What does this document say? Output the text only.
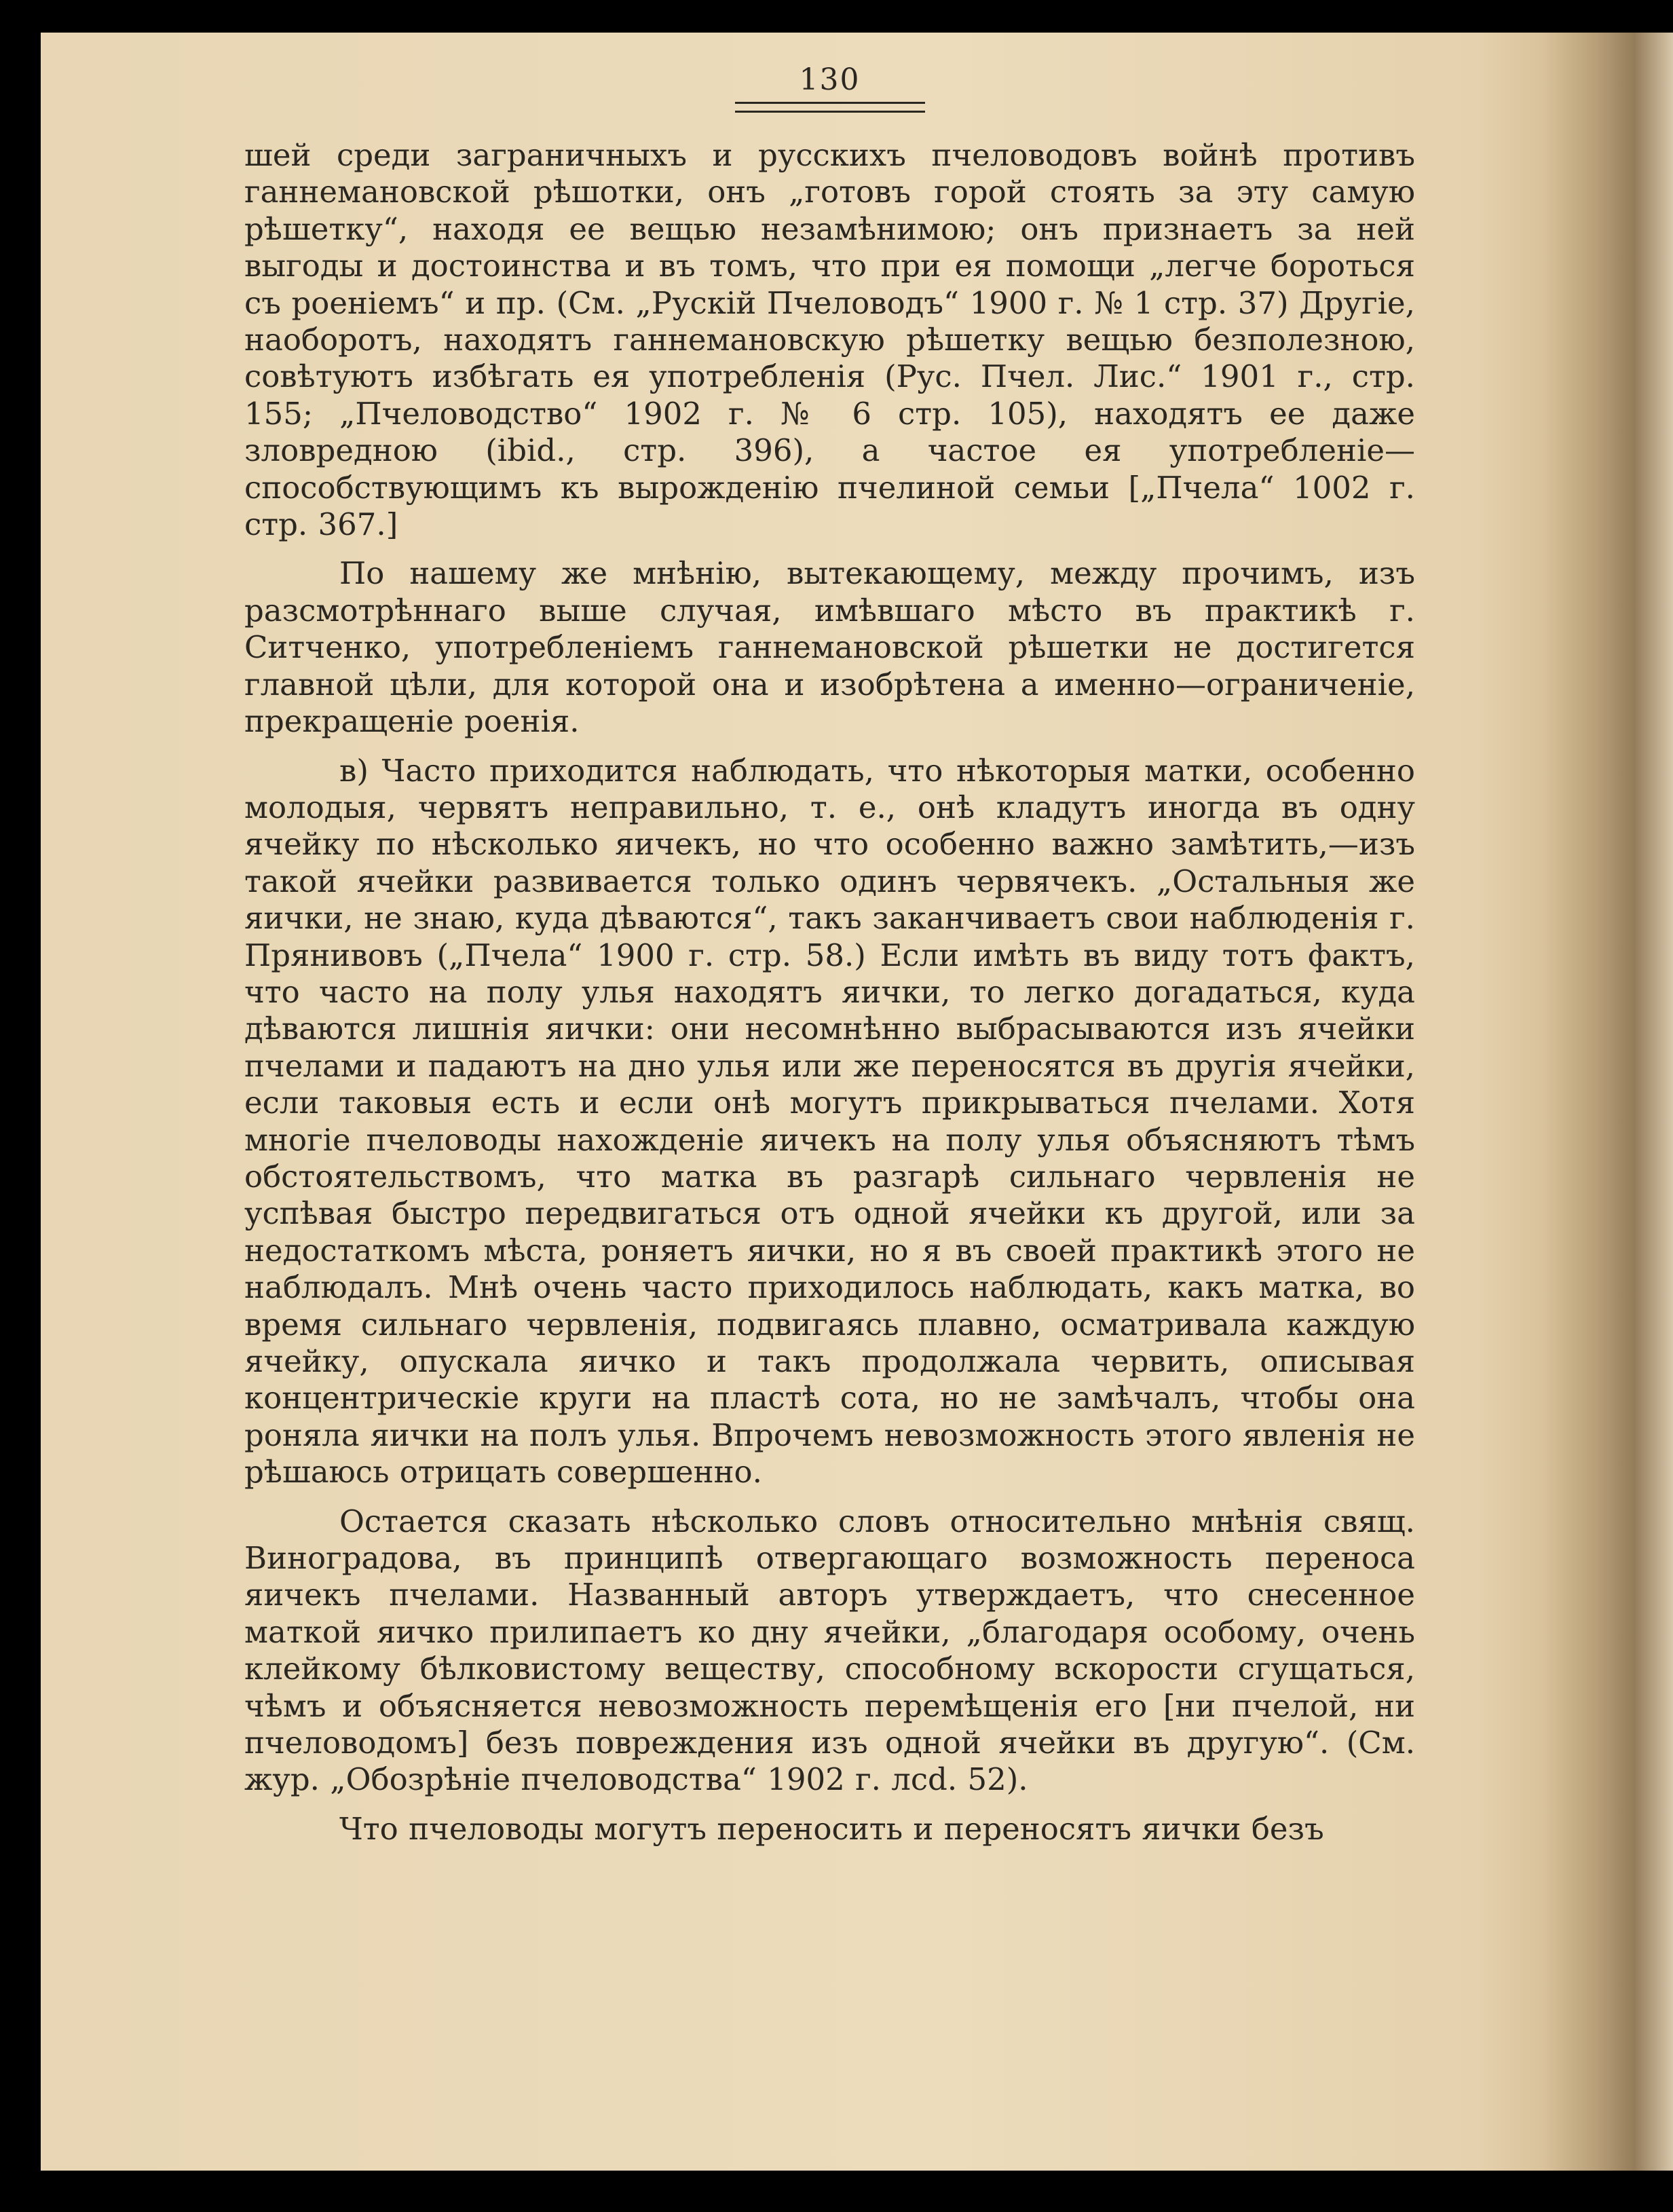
130

шей среди заграничныхъ и русскихъ пчеловодовъ войнѣ противъ ганнемановской рѣшотки, онъ „готовъ горой стоять за эту самую рѣшетку“, находя ее вещью незамѣнимою; онъ признаетъ за ней выгоды и достоинства и въ томъ, что при ея помощи „легче бороться съ роеніемъ“ и пр. (См. „Рускій Пчеловодъ“ 1900 г. № 1 стр. 37) Другіе, наоборотъ, находятъ ганнемановскую рѣшетку вещью безполезною, совѣтуютъ избѣгать ея употребленія (Рус. Пчел. Лис.“ 1901 г., стр. 155; „Пчеловодство“ 1902 г. № 6 стр. 105), находятъ ее даже зловредною (ibid., стр. 396), а частое ея употребленіе—способствующимъ къ вырожденію пчелиной семьи [„Пчела“ 1002 г. стр. 367.]

По нашему же мнѣнію, вытекающему, между прочимъ, изъ разсмотрѣннаго выше случая, имѣвшаго мѣсто въ практикѣ г. Ситченко, употребленіемъ ганнемановской рѣшетки не достигется главной цѣли, для которой она и изобрѣтена а именно—ограниченіе, прекращеніе роенія.

в) Часто приходится наблюдать, что нѣкоторыя матки, особенно молодыя, червятъ неправильно, т. е., онѣ кладутъ иногда въ одну ячейку по нѣсколько яичекъ, но что особенно важно замѣтить,—изъ такой ячейки развивается только одинъ червячекъ. „Остальныя же яички, не знаю, куда дѣваются“, такъ заканчиваетъ свои наблюденія г. Прянивовъ („Пчела“ 1900 г. стр. 58.) Если имѣть въ виду тотъ фактъ, что часто на полу улья находятъ яички, то легко догадаться, куда дѣваются лишнія яички: они несомнѣнно выбрасываются изъ ячейки пчелами и падаютъ на дно улья или же переносятся въ другія ячейки, если таковыя есть и если онѣ могутъ прикрываться пчелами. Хотя многіе пчеловоды нахожденіе яичекъ на полу улья объясняютъ тѣмъ обстоятельствомъ, что матка въ разгарѣ сильнаго червленія не успѣвая быстро передвигаться отъ одной ячейки къ другой, или за недостаткомъ мѣста, роняетъ яички, но я въ своей практикѣ этого не наблюдалъ. Мнѣ очень часто приходилось наблюдать, какъ матка, во время сильнаго червленія, подвигаясь плавно, осматривала каждую ячейку, опускала яичко и такъ продолжала червить, описывая концентрическіе круги на пластѣ сота, но не замѣчалъ, чтобы она роняла яички на полъ улья. Впрочемъ невозможность этого явленія не рѣшаюсь отрицать совершенно.

Остается сказать нѣсколько словъ относительно мнѣнія свящ. Виноградова, въ принципѣ отвергающаго возможность переноса яичекъ пчелами. Названный авторъ утверждаетъ, что снесенное маткой яичко прилипаетъ ко дну ячейки, „благодаря особому, очень клейкому бѣлковистому веществу, способному вскорости сгущаться, чѣмъ и объясняется невозможность перемѣщенія его [ни пчелой, ни пчеловодомъ] безъ повреждения изъ одной ячейки въ другую“. (См. жур. „Обозрѣніе пчеловодства“ 1902 г. лсd. 52).

Что пчеловоды могутъ переносить и переносятъ яички безъ
